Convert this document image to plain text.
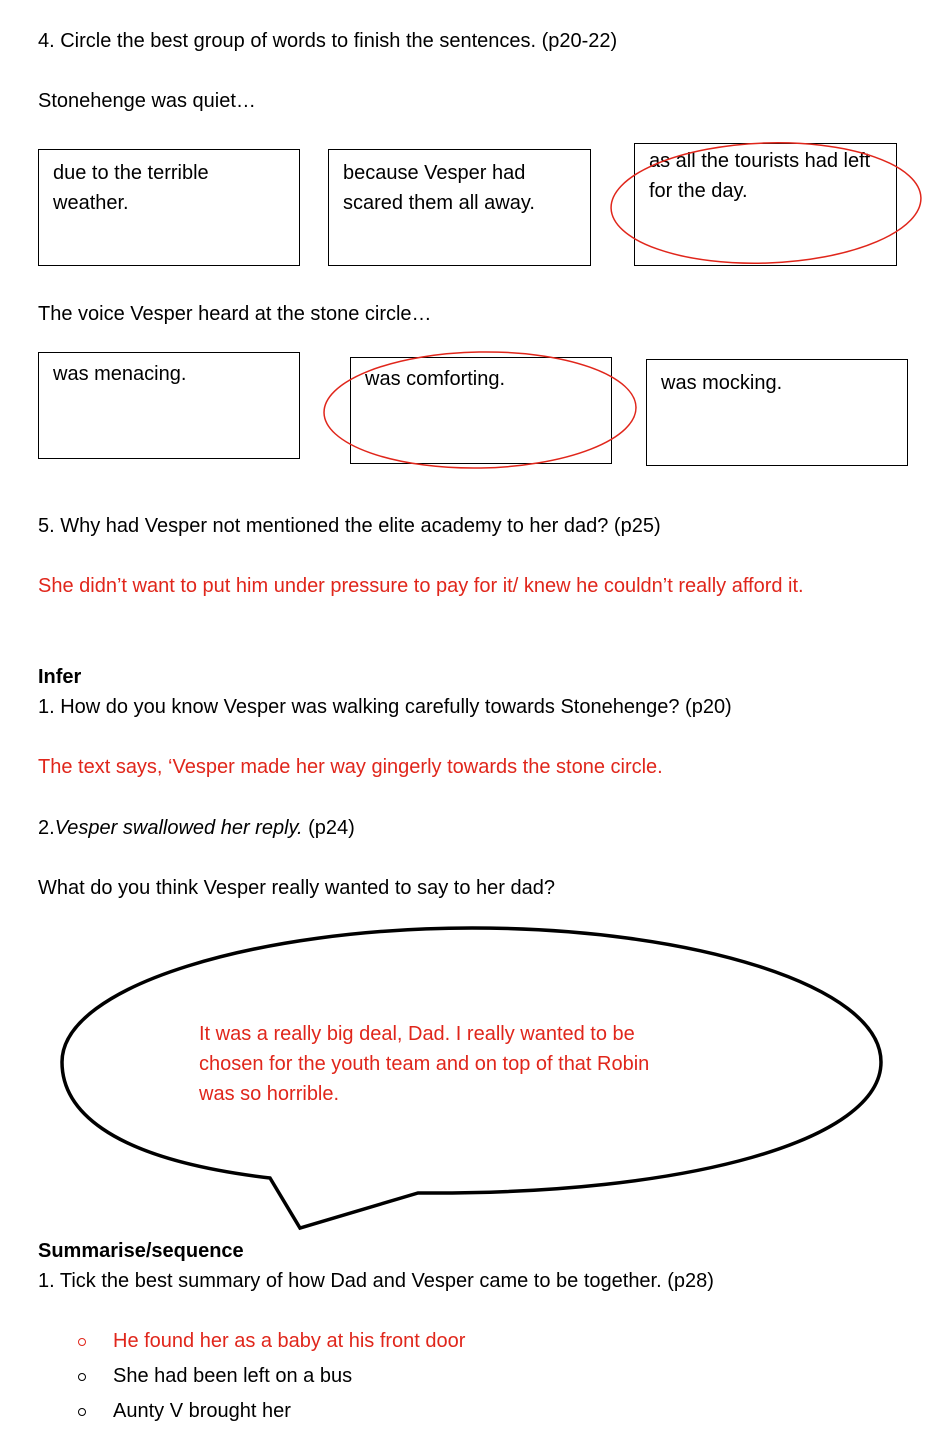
4. Circle the best group of words to finish the sentences. (p20-22)
Stonehenge was quiet…
due to the terrible weather.
because Vesper had scared them all away.
as all the tourists had left for the day.
The voice Vesper heard at the stone circle…
was menacing.	was comforting.	was mocking.
5. Why had Vesper not mentioned the elite academy to her dad? (p25)
She didn’t want to put him under pressure to pay for it/ knew he couldn’t really afford it.
Infer
1. How do you know Vesper was walking carefully towards Stonehenge? (p20)
The text says, ‘Vesper made her way gingerly towards the stone circle.
2.Vesper swallowed her reply. (p24)
What do you think Vesper really wanted to say to her dad?
It was a really big deal, Dad. I really wanted to be
chosen for the youth team and on top of that Robin
was so horrible.
Summarise/sequence
1. Tick the best summary of how Dad and Vesper came to be together. (p28)
He found her as a baby at his front door
She had been left on a bus
Aunty V brought her
